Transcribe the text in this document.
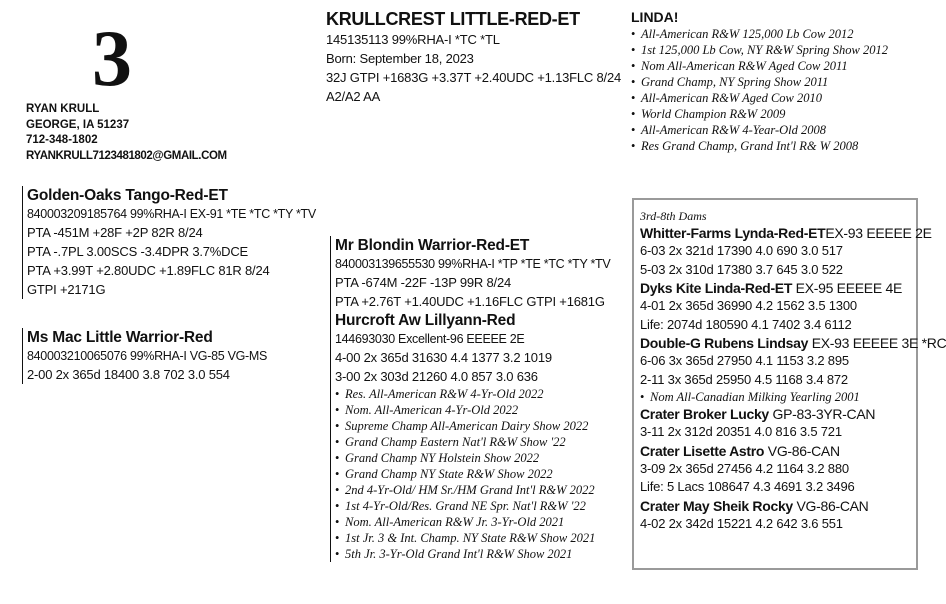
3
RYAN KRULL
GEORGE, IA 51237
712-348-1802
RYANKRULL7123481802@GMAIL.COM
KRULLCREST LITTLE-RED-ET
145135113 99%RHA-I *TC *TL
Born: September 18, 2023
32J GTPI +1683G +3.37T +2.40UDC +1.13FLC 8/24
A2/A2 AA
LINDA!
• All-American R&W 125,000 Lb Cow 2012
• 1st 125,000 Lb Cow, NY R&W Spring Show 2012
• Nom All-American R&W Aged Cow 2011
• Grand Champ, NY Spring Show 2011
• All-American R&W Aged Cow 2010
• World Champion R&W 2009
• All-American R&W 4-Year-Old 2008
• Res Grand Champ, Grand Int'l R& W 2008
Golden-Oaks Tango-Red-ET
840003209185764 99%RHA-I EX-91 *TE *TC *TY *TV
PTA -451M +28F +2P 82R 8/24
PTA -.7PL 3.00SCS -3.4DPR 3.7%DCE
PTA +3.99T +2.80UDC +1.89FLC 81R 8/24
GTPI +2171G
Ms Mac Little Warrior-Red
840003210065076 99%RHA-I VG-85 VG-MS
2-00 2x 365d 18400 3.8 702 3.0 554
Mr Blondin Warrior-Red-ET
840003139655530 99%RHA-I *TP *TE *TC *TY *TV
PTA -674M -22F -13P 99R 8/24
PTA +2.76T +1.40UDC +1.16FLC GTPI +1681G
Hurcroft Aw Lillyann-Red
144693030 Excellent-96 EEEEE 2E
4-00 2x 365d 31630 4.4 1377 3.2 1019
3-00 2x 303d 21260 4.0 857 3.0 636
• Res. All-American R&W 4-Yr-Old 2022
• Nom. All-American 4-Yr-Old 2022
• Supreme Champ All-American Dairy Show 2022
• Grand Champ Eastern Nat'l R&W Show '22
• Grand Champ NY Holstein Show 2022
• Grand Champ NY State R&W Show 2022
• 2nd 4-Yr-Old/ HM Sr./HM Grand Int'l R&W 2022
• 1st 4-Yr-Old/Res. Grand NE Spr. Nat'l R&W '22
• Nom. All-American R&W Jr. 3-Yr-Old 2021
• 1st Jr. 3 & Int. Champ. NY State R&W Show 2021
• 5th Jr. 3-Yr-Old Grand Int'l R&W Show 2021
3rd-8th Dams
Whitter-Farms Lynda-Red-ETEX-93 EEEEE 2E
6-03 2x 321d 17390 4.0 690 3.0 517
5-03 2x 310d 17380 3.7 645 3.0 522
Dyks Kite Linda-Red-ET EX-95 EEEEE 4E
4-01 2x 365d 36990 4.2 1562 3.5 1300
Life: 2074d 180590 4.1 7402 3.4 6112
Double-G Rubens Lindsay EX-93 EEEEE 3E *RC
6-06 3x 365d 27950 4.1 1153 3.2 895
2-11 3x 365d 25950 4.5 1168 3.4 872
• Nom All-Canadian Milking Yearling 2001
Crater Broker Lucky GP-83-3YR-CAN
3-11 2x 312d 20351 4.0 816 3.5 721
Crater Lisette Astro VG-86-CAN
3-09 2x 365d 27456 4.2 1164 3.2 880
Life: 5 Lacs 108647 4.3 4691 3.2 3496
Crater May Sheik Rocky VG-86-CAN
4-02 2x 342d 15221 4.2 642 3.6 551
